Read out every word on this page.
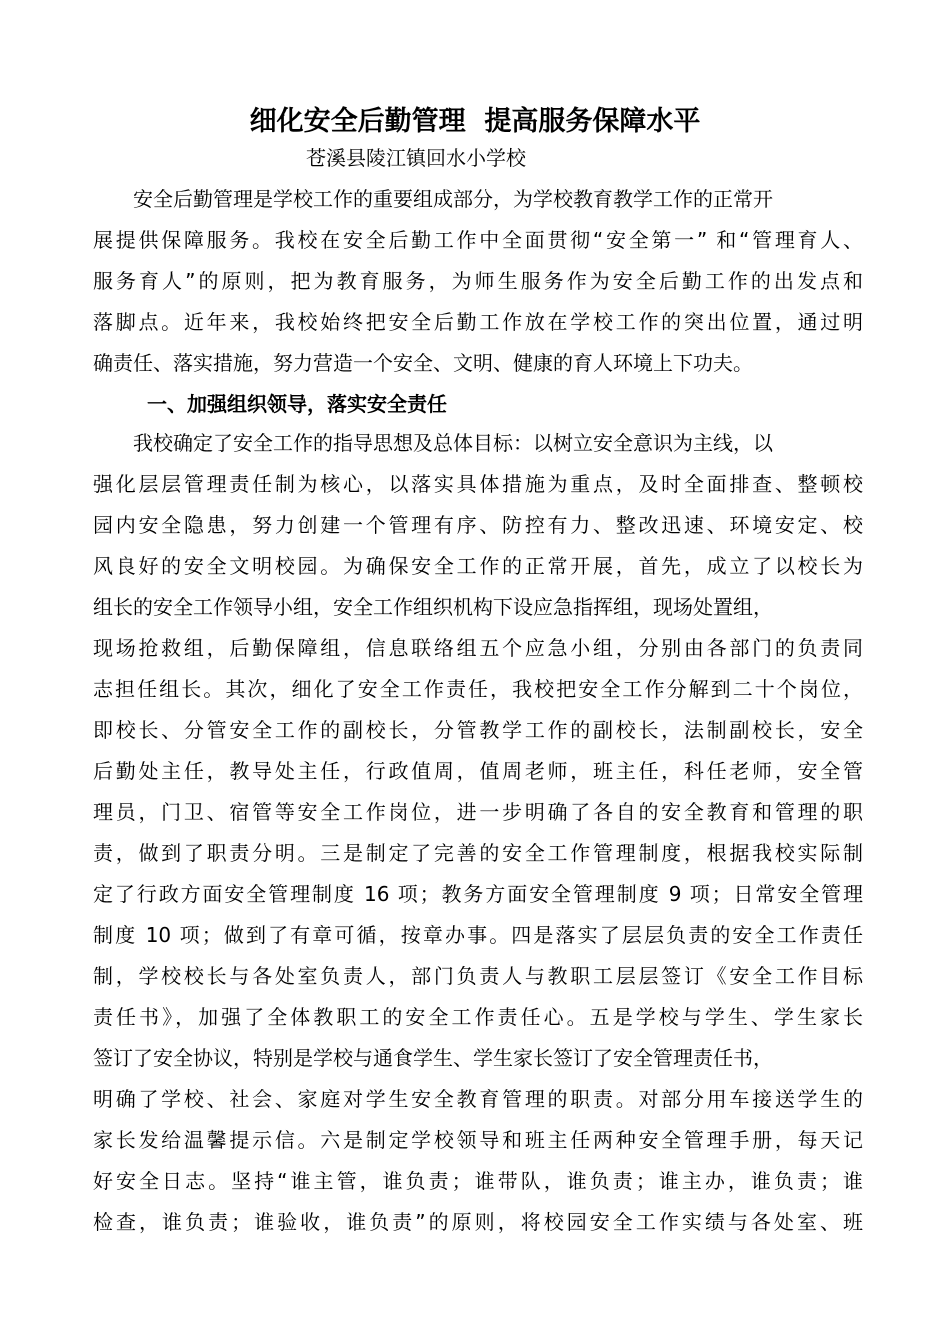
细化安全后勤管理  提高服务保障水平
苍溪县陵江镇回水小学校
安全后勤管理是学校工作的重要组成部分，为学校教育教学工作的正常开
展提供保障服务。我校在安全后勤工作中全面贯彻“安全第一” 和“管理育人、
服务育人”的原则，把为教育服务，为师生服务作为安全后勤工作的出发点和
落脚点。近年来，我校始终把安全后勤工作放在学校工作的突出位置，通过明
确责任、落实措施，努力营造一个安全、文明、健康的育人环境上下功夫。
一、加强组织领导，落实安全责任
我校确定了安全工作的指导思想及总体目标：以树立安全意识为主线，以
强化层层管理责任制为核心，以落实具体措施为重点，及时全面排查、整顿校
园内安全隐患，努力创建一个管理有序、防控有力、整改迅速、环境安定、校
风良好的安全文明校园。为确保安全工作的正常开展，首先，成立了以校长为
组长的安全工作领导小组，安全工作组织机构下设应急指挥组，现场处置组，
现场抢救组，后勤保障组，信息联络组五个应急小组，分别由各部门的负责同
志担任组长。其次，细化了安全工作责任，我校把安全工作分解到二十个岗位，
即校长、分管安全工作的副校长，分管教学工作的副校长，法制副校长，安全
后勤处主任，教导处主任，行政值周，值周老师，班主任，科任老师，安全管
理员，门卫、宿管等安全工作岗位，进一步明确了各自的安全教育和管理的职
责，做到了职责分明。三是制定了完善的安全工作管理制度，根据我校实际制
定了行政方面安全管理制度 16 项；教务方面安全管理制度 9 项；日常安全管理
制度 10 项；做到了有章可循，按章办事。四是落实了层层负责的安全工作责任
制，学校校长与各处室负责人，部门负责人与教职工层层签订《安全工作目标
责任书》，加强了全体教职工的安全工作责任心。五是学校与学生、学生家长
签订了安全协议，特别是学校与通食学生、学生家长签订了安全管理责任书，
明确了学校、社会、家庭对学生安全教育管理的职责。对部分用车接送学生的
家长发给温馨提示信。六是制定学校领导和班主任两种安全管理手册，每天记
好安全日志。坚持“谁主管，谁负责；谁带队，谁负责；谁主办，谁负责；谁
检查，谁负责；谁验收，谁负责”的原则，将校园安全工作实绩与各处室、班
